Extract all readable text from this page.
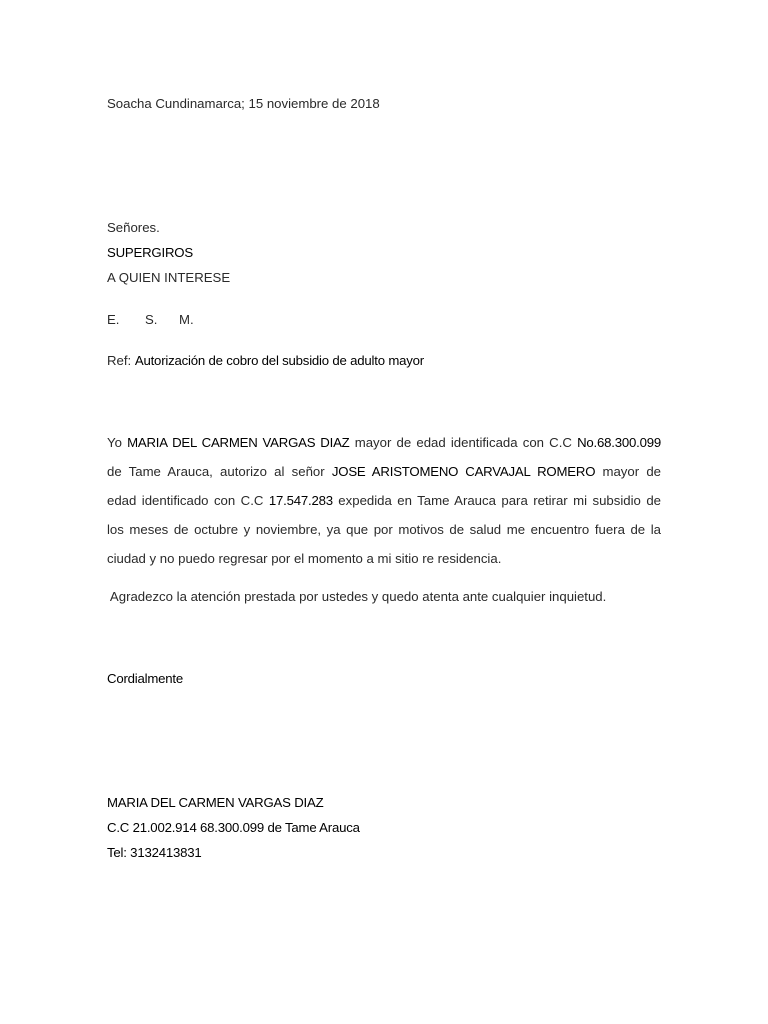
Soacha Cundinamarca; 15 noviembre de 2018
Señores.
SUPERGIROS
A QUIEN INTERESE
E. S. M.
Ref: Autorización de cobro del subsidio de adulto mayor
Yo MARIA DEL CARMEN VARGAS DIAZ mayor de edad identificada con C.C No.68.300.099
de Tame Arauca, autorizo al señor JOSE ARISTOMENO CARVAJAL ROMERO mayor de
edad identificado con C.C 17.547.283 expedida en Tame Arauca para retirar mi subsidio de
los meses de octubre y noviembre, ya que por motivos de salud me encuentro fuera de la
ciudad y no puedo regresar por el momento a mi sitio re residencia.
Agradezco la atención prestada por ustedes y quedo atenta ante cualquier inquietud.
Cordialmente
MARIA DEL CARMEN VARGAS DIAZ
C.C 21.002.914 68.300.099 de Tame Arauca
Tel: 3132413831
